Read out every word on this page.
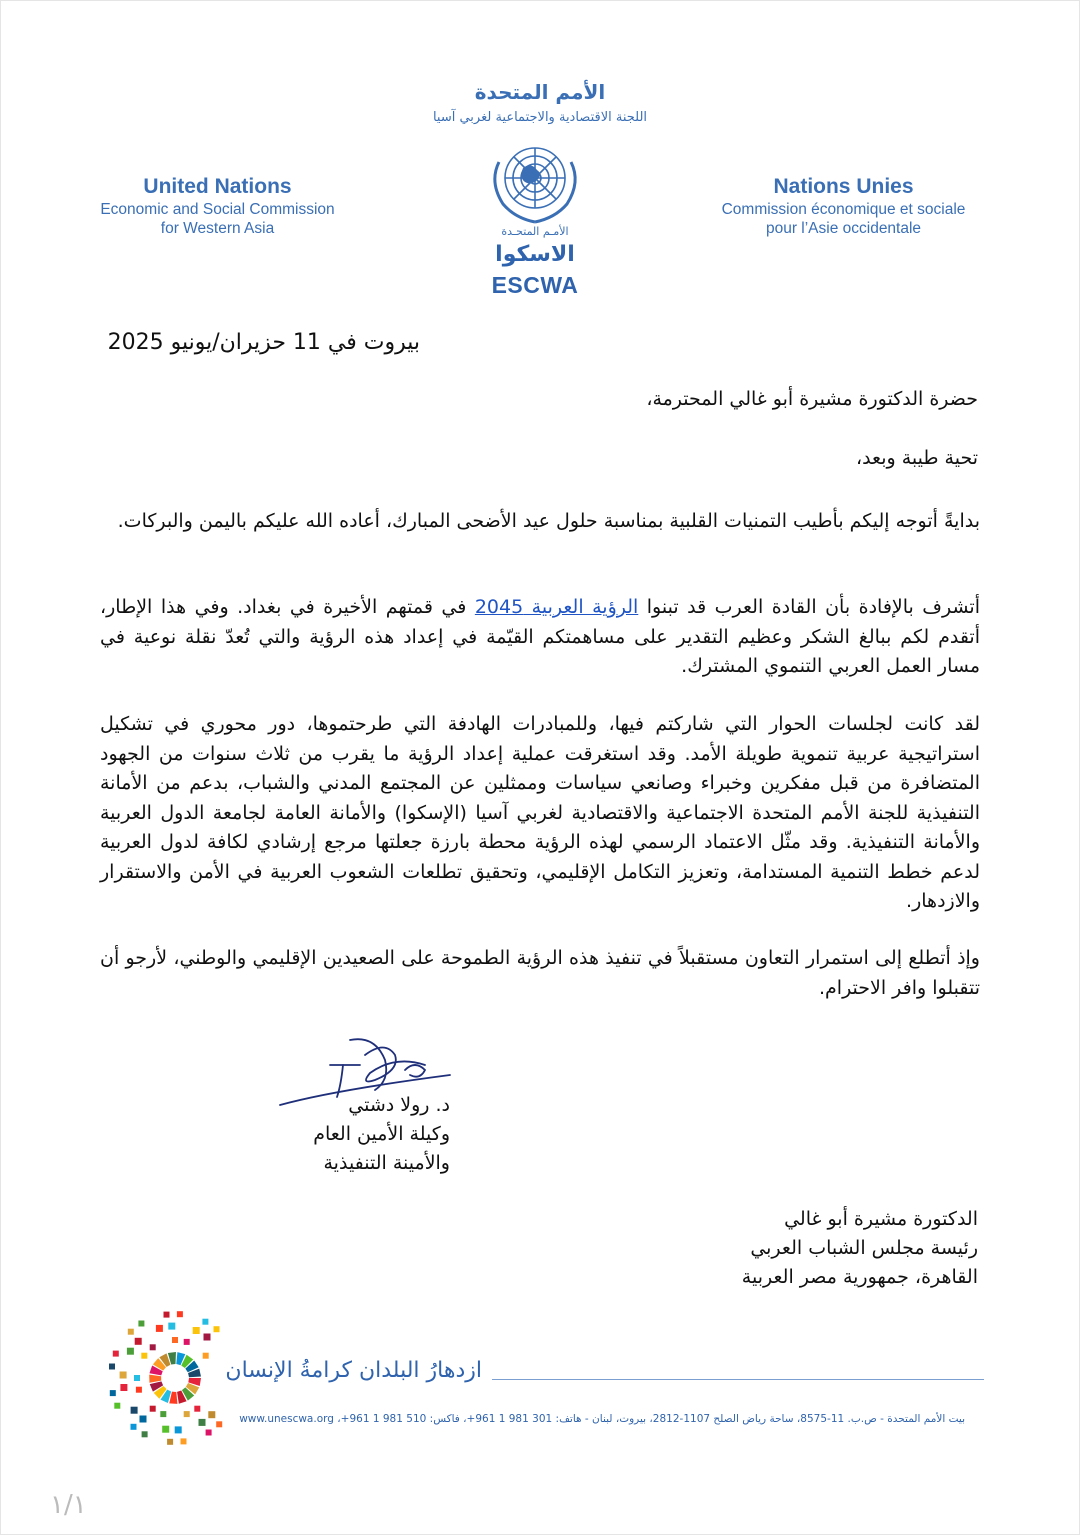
الأمم المتحدة
اللجنة الاقتصادية والاجتماعية لغربي آسيا
الأمـم المتحـدة
الاسكوا
ESCWA
United Nations
Economic and Social Commission
for Western Asia
Nations Unies
Commission économique et sociale
pour l’Asie occidentale
بيروت في 11 حزيران/يونيو 2025
حضرة الدكتورة مشيرة أبو غالي المحترمة،
تحية طيبة وبعد،
بدايةً أتوجه إليكم بأطيب التمنيات القلبية بمناسبة حلول عيد الأضحى المبارك، أعاده الله عليكم باليمن والبركات.
أتشرف بالإفادة بأن القادة العرب قد تبنوا الرؤية العربية 2045 في قمتهم الأخيرة في بغداد. وفي هذا الإطار، أتقدم لكم ببالغ الشكر وعظيم التقدير على مساهمتكم القيّمة في إعداد هذه الرؤية والتي تُعدّ نقلة نوعية في مسار العمل العربي التنموي المشترك.
لقد كانت لجلسات الحوار التي شاركتم فيها، وللمبادرات الهادفة التي طرحتموها، دور محوري في تشكيل استراتيجية عربية تنموية طويلة الأمد. وقد استغرقت عملية إعداد الرؤية ما يقرب من ثلاث سنوات من الجهود المتضافرة من قبل مفكرين وخبراء وصانعي سياسات وممثلين عن المجتمع المدني والشباب، بدعم من الأمانة التنفيذية للجنة الأمم المتحدة الاجتماعية والاقتصادية لغربي آسيا (الإسكوا) والأمانة العامة لجامعة الدول العربية والأمانة التنفيذية. وقد مثّل الاعتماد الرسمي لهذه الرؤية محطة بارزة جعلتها مرجع إرشادي لكافة لدول العربية لدعم خطط التنمية المستدامة، وتعزيز التكامل الإقليمي، وتحقيق تطلعات الشعوب العربية في الأمن والاستقرار والازدهار.
وإذ أتطلع إلى استمرار التعاون مستقبلاً في تنفيذ هذه الرؤية الطموحة على الصعيدين الإقليمي والوطني، لأرجو أن تتقبلوا وافر الاحترام.
د. رولا دشتي
وكيلة الأمين العام
والأمينة التنفيذية
الدكتورة مشيرة أبو غالي
رئيسة مجلس الشباب العربي
القاهرة، جمهورية مصر العربية
ازدهارُ البلدان كرامةُ الإنسان
بيت الأمم المتحدة - ص.ب. 11-8575، ساحة رياض الصلح 1107-2812، بيروت، لبنان - هاتف: 301 981 1 961+، فاكس: 510 981 1 961+، www.unescwa.org
١/١
